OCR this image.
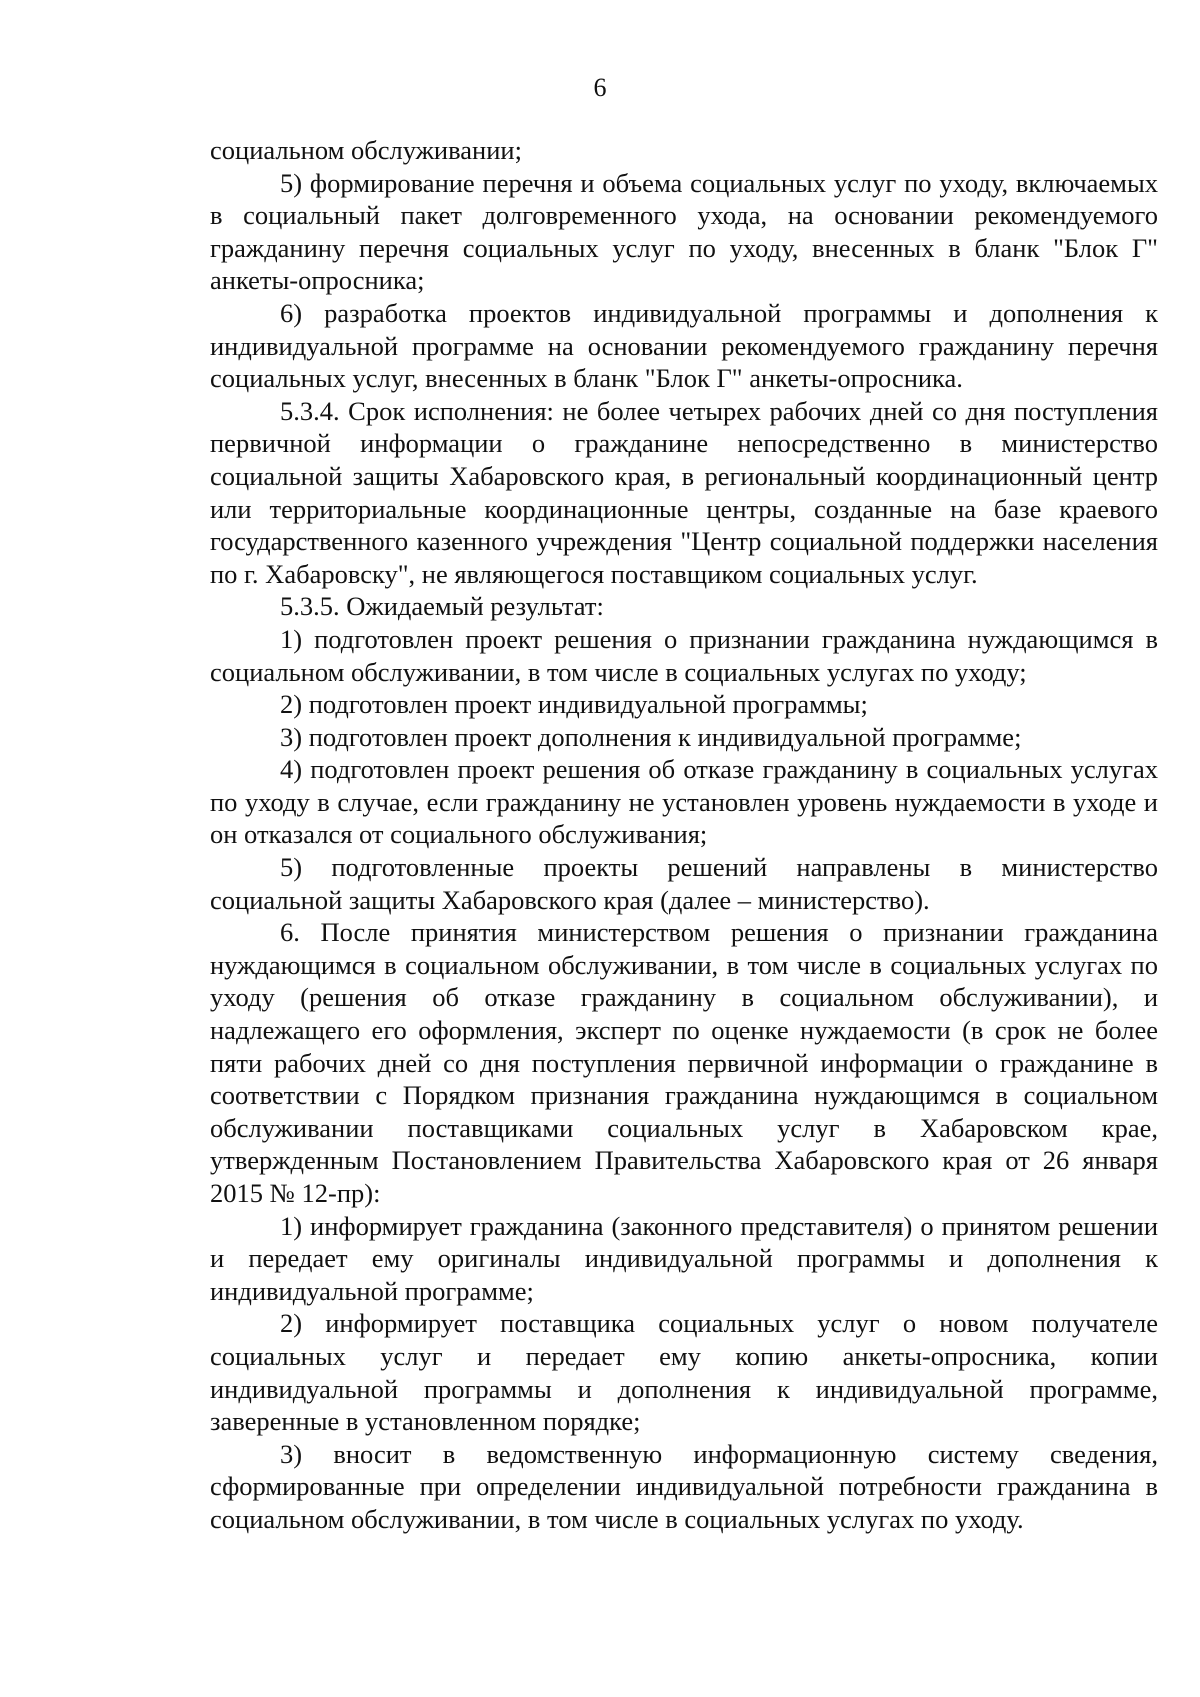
6

социальном обслуживании;

5) формирование перечня и объема социальных услуг по уходу, включаемых в социальный пакет долговременного ухода, на основании рекомендуемого гражданину перечня социальных услуг по уходу, внесенных в бланк "Блок Г" анкеты-опросника;

6) разработка проектов индивидуальной программы и дополнения к индивидуальной программе на основании рекомендуемого гражданину перечня социальных услуг, внесенных в бланк "Блок Г" анкеты-опросника.

5.3.4. Срок исполнения: не более четырех рабочих дней со дня поступления первичной информации о гражданине непосредственно в министерство социальной защиты Хабаровского края, в региональный координационный центр или территориальные координационные центры, созданные на базе краевого государственного казенного учреждения "Центр социальной поддержки населения по г. Хабаровску", не являющегося поставщиком социальных услуг.

5.3.5. Ожидаемый результат:

1) подготовлен проект решения о признании гражданина нуждающимся в социальном обслуживании, в том числе в социальных услугах по уходу;

2) подготовлен проект индивидуальной программы;

3) подготовлен проект дополнения к индивидуальной программе;

4) подготовлен проект решения об отказе гражданину в социальных услугах по уходу в случае, если гражданину не установлен уровень нуждаемости в уходе и он отказался от социального обслуживания;

5) подготовленные проекты решений направлены в министерство социальной защиты Хабаровского края (далее – министерство).

6. После принятия министерством решения о признании гражданина нуждающимся в социальном обслуживании, в том числе в социальных услугах по уходу (решения об отказе гражданину в социальном обслуживании), и надлежащего его оформления, эксперт по оценке нуждаемости (в срок не более пяти рабочих дней со дня поступления первичной информации о гражданине в соответствии с Порядком признания гражданина нуждающимся в социальном обслуживании поставщиками социальных услуг в Хабаровском крае, утвержденным Постановлением Правительства Хабаровского края от 26 января 2015 № 12-пр):

1) информирует гражданина (законного представителя) о принятом решении и передает ему оригиналы индивидуальной программы и дополнения к индивидуальной программе;

2) информирует поставщика социальных услуг о новом получателе социальных услуг и передает ему копию анкеты-опросника, копии индивидуальной программы и дополнения к индивидуальной программе, заверенные в установленном порядке;

3) вносит в ведомственную информационную систему сведения, сформированные при определении индивидуальной потребности гражданина в социальном обслуживании, в том числе в социальных услугах по уходу.
